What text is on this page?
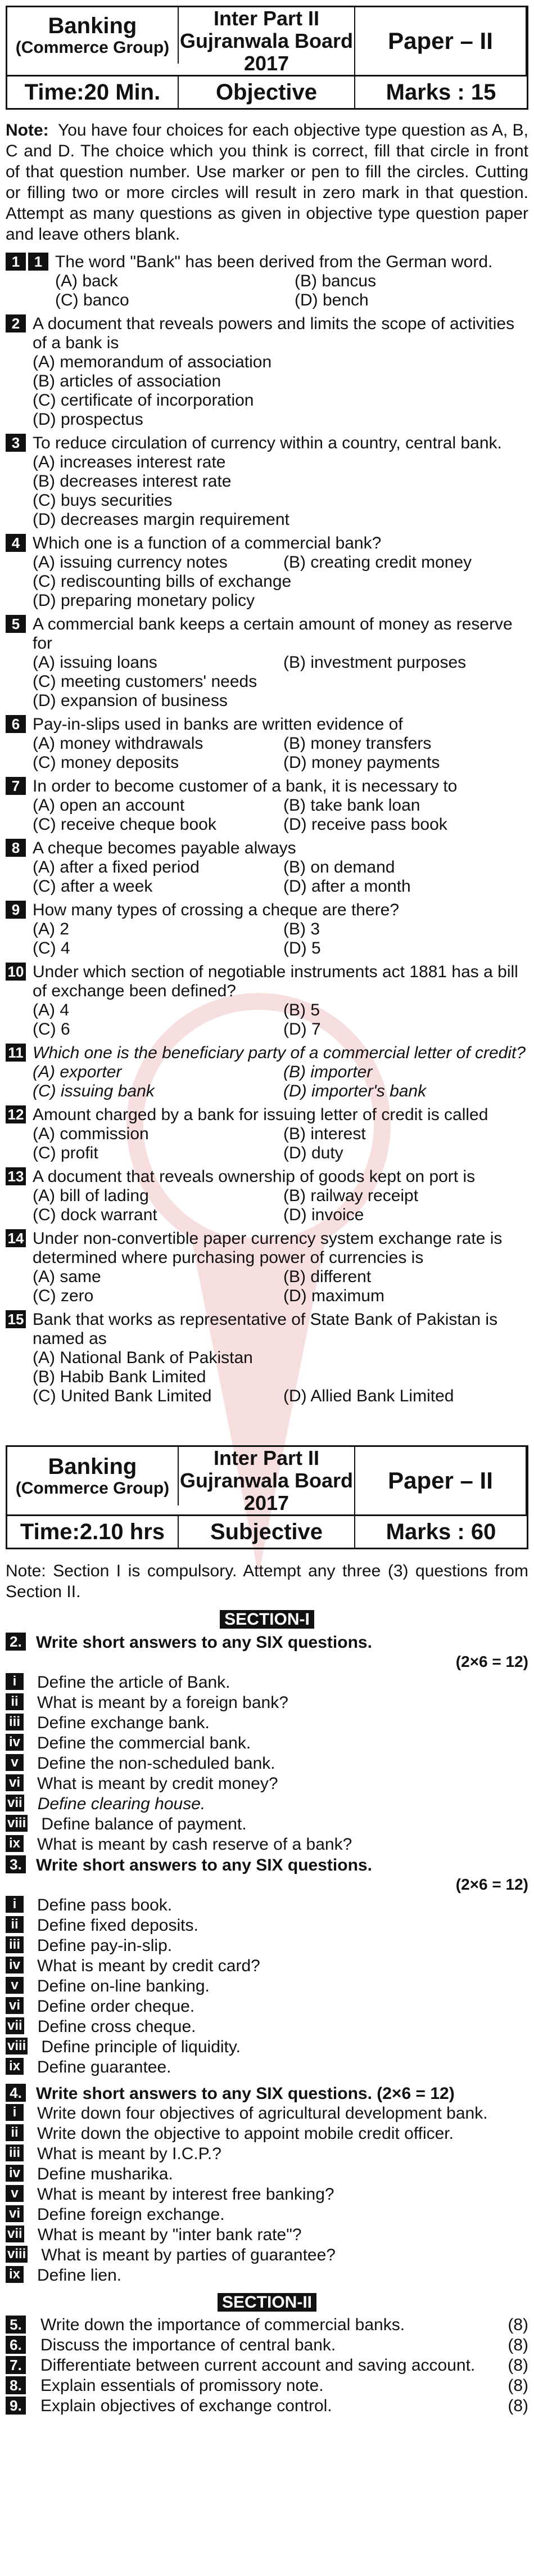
Banking
(Commerce Group)
Inter Part II
Gujranwala Board
2017
Paper – II
Time:20 Min.	Objective	Marks : 15
Note: You have four choices for each objective type question as A, B, C and D. The choice which you think is correct, fill that circle in front of that question number. Use marker or pen to fill the circles. Cutting or filling two or more circles will result in zero mark in that question. Attempt as many questions as given in objective type question paper and leave others blank.
1 1 The word "Bank" has been derived from the German word.
(A) back	(B) bancus
(C) banco	(D) bench
2 A document that reveals powers and limits the scope of activities of a bank is
(A) memorandum of association
(B) articles of association
(C) certificate of incorporation
(D) prospectus
3 To reduce circulation of currency within a country, central bank.
(A) increases interest rate
(B) decreases interest rate
(C) buys securities
(D) decreases margin requirement
4 Which one is a function of a commercial bank?
(A) issuing currency notes	(B) creating credit money
(C) rediscounting bills of exchange
(D) preparing monetary policy
5 A commercial bank keeps a certain amount of money as reserve for
(A) issuing loans	(B) investment purposes
(C) meeting customers' needs
(D) expansion of business
6 Pay-in-slips used in banks are written evidence of
(A) money withdrawals	(B) money transfers
(C) money deposits	(D) money payments
7 In order to become customer of a bank, it is necessary to
(A) open an account	(B) take bank loan
(C) receive cheque book	(D) receive pass book
8 A cheque becomes payable always
(A) after a fixed period	(B) on demand
(C) after a week	(D) after a month
9 How many types of crossing a cheque are there?
(A) 2	(B) 3
(C) 4	(D) 5
10 Under which section of negotiable instruments act 1881 has a bill of exchange been defined?
(A) 4	(B) 5
(C) 6	(D) 7
11 Which one is the beneficiary party of a commercial letter of credit?
(A) exporter	(B) importer
(C) issuing bank	(D) importer's bank
12 Amount charged by a bank for issuing letter of credit is called
(A) commission	(B) interest
(C) profit	(D) duty
13 A document that reveals ownership of goods kept on port is
(A) bill of lading	(B) railway receipt
(C) dock warrant	(D) invoice
14 Under non-convertible paper currency system exchange rate is determined where purchasing power of currencies is
(A) same	(B) different
(C) zero	(D) maximum
15 Bank that works as representative of State Bank of Pakistan is named as
(A) National Bank of Pakistan
(B) Habib Bank Limited
(C) United Bank Limited	(D) Allied Bank Limited
Banking
(Commerce Group)
Inter Part II
Gujranwala Board
2017
Paper – II
Time:2.10 hrs	Subjective	Marks : 60
Note: Section I is compulsory. Attempt any three (3) questions from Section II.
SECTION-I
2. Write short answers to any SIX questions.
(2×6 = 12)
i	Define the article of Bank.
ii	What is meant by a foreign bank?
iii Define exchange bank.
iv Define the commercial bank.
v	Define the non-scheduled bank.
vi What is meant by credit money?
vii Define clearing house.
viii Define balance of payment.
ix What is meant by cash reserve of a bank?
3. Write short answers to any SIX questions.
(2×6 = 12)
i	Define pass book.
ii	Define fixed deposits.
iii Define pay-in-slip.
iv What is meant by credit card?
v	Define on-line banking.
vi Define order cheque.
vii Define cross cheque.
viii Define principle of liquidity.
ix Define guarantee.
4. Write short answers to any SIX questions. (2×6 = 12)
i	Write down four objectives of agricultural development bank.
ii	Write down the objective to appoint mobile credit officer.
iii What is meant by I.C.P.?
iv Define musharika.
v	What is meant by interest free banking?
vi Define foreign exchange.
vii What is meant by "inter bank rate"?
viii What is meant by parties of guarantee?
ix Define lien.
SECTION-II
5. Write down the importance of commercial banks.	(8)
6. Discuss the importance of central bank.	(8)
7. Differentiate between current account and saving account.	(8)
8. Explain essentials of promissory note.	(8)
9. Explain objectives of exchange control.	(8)
